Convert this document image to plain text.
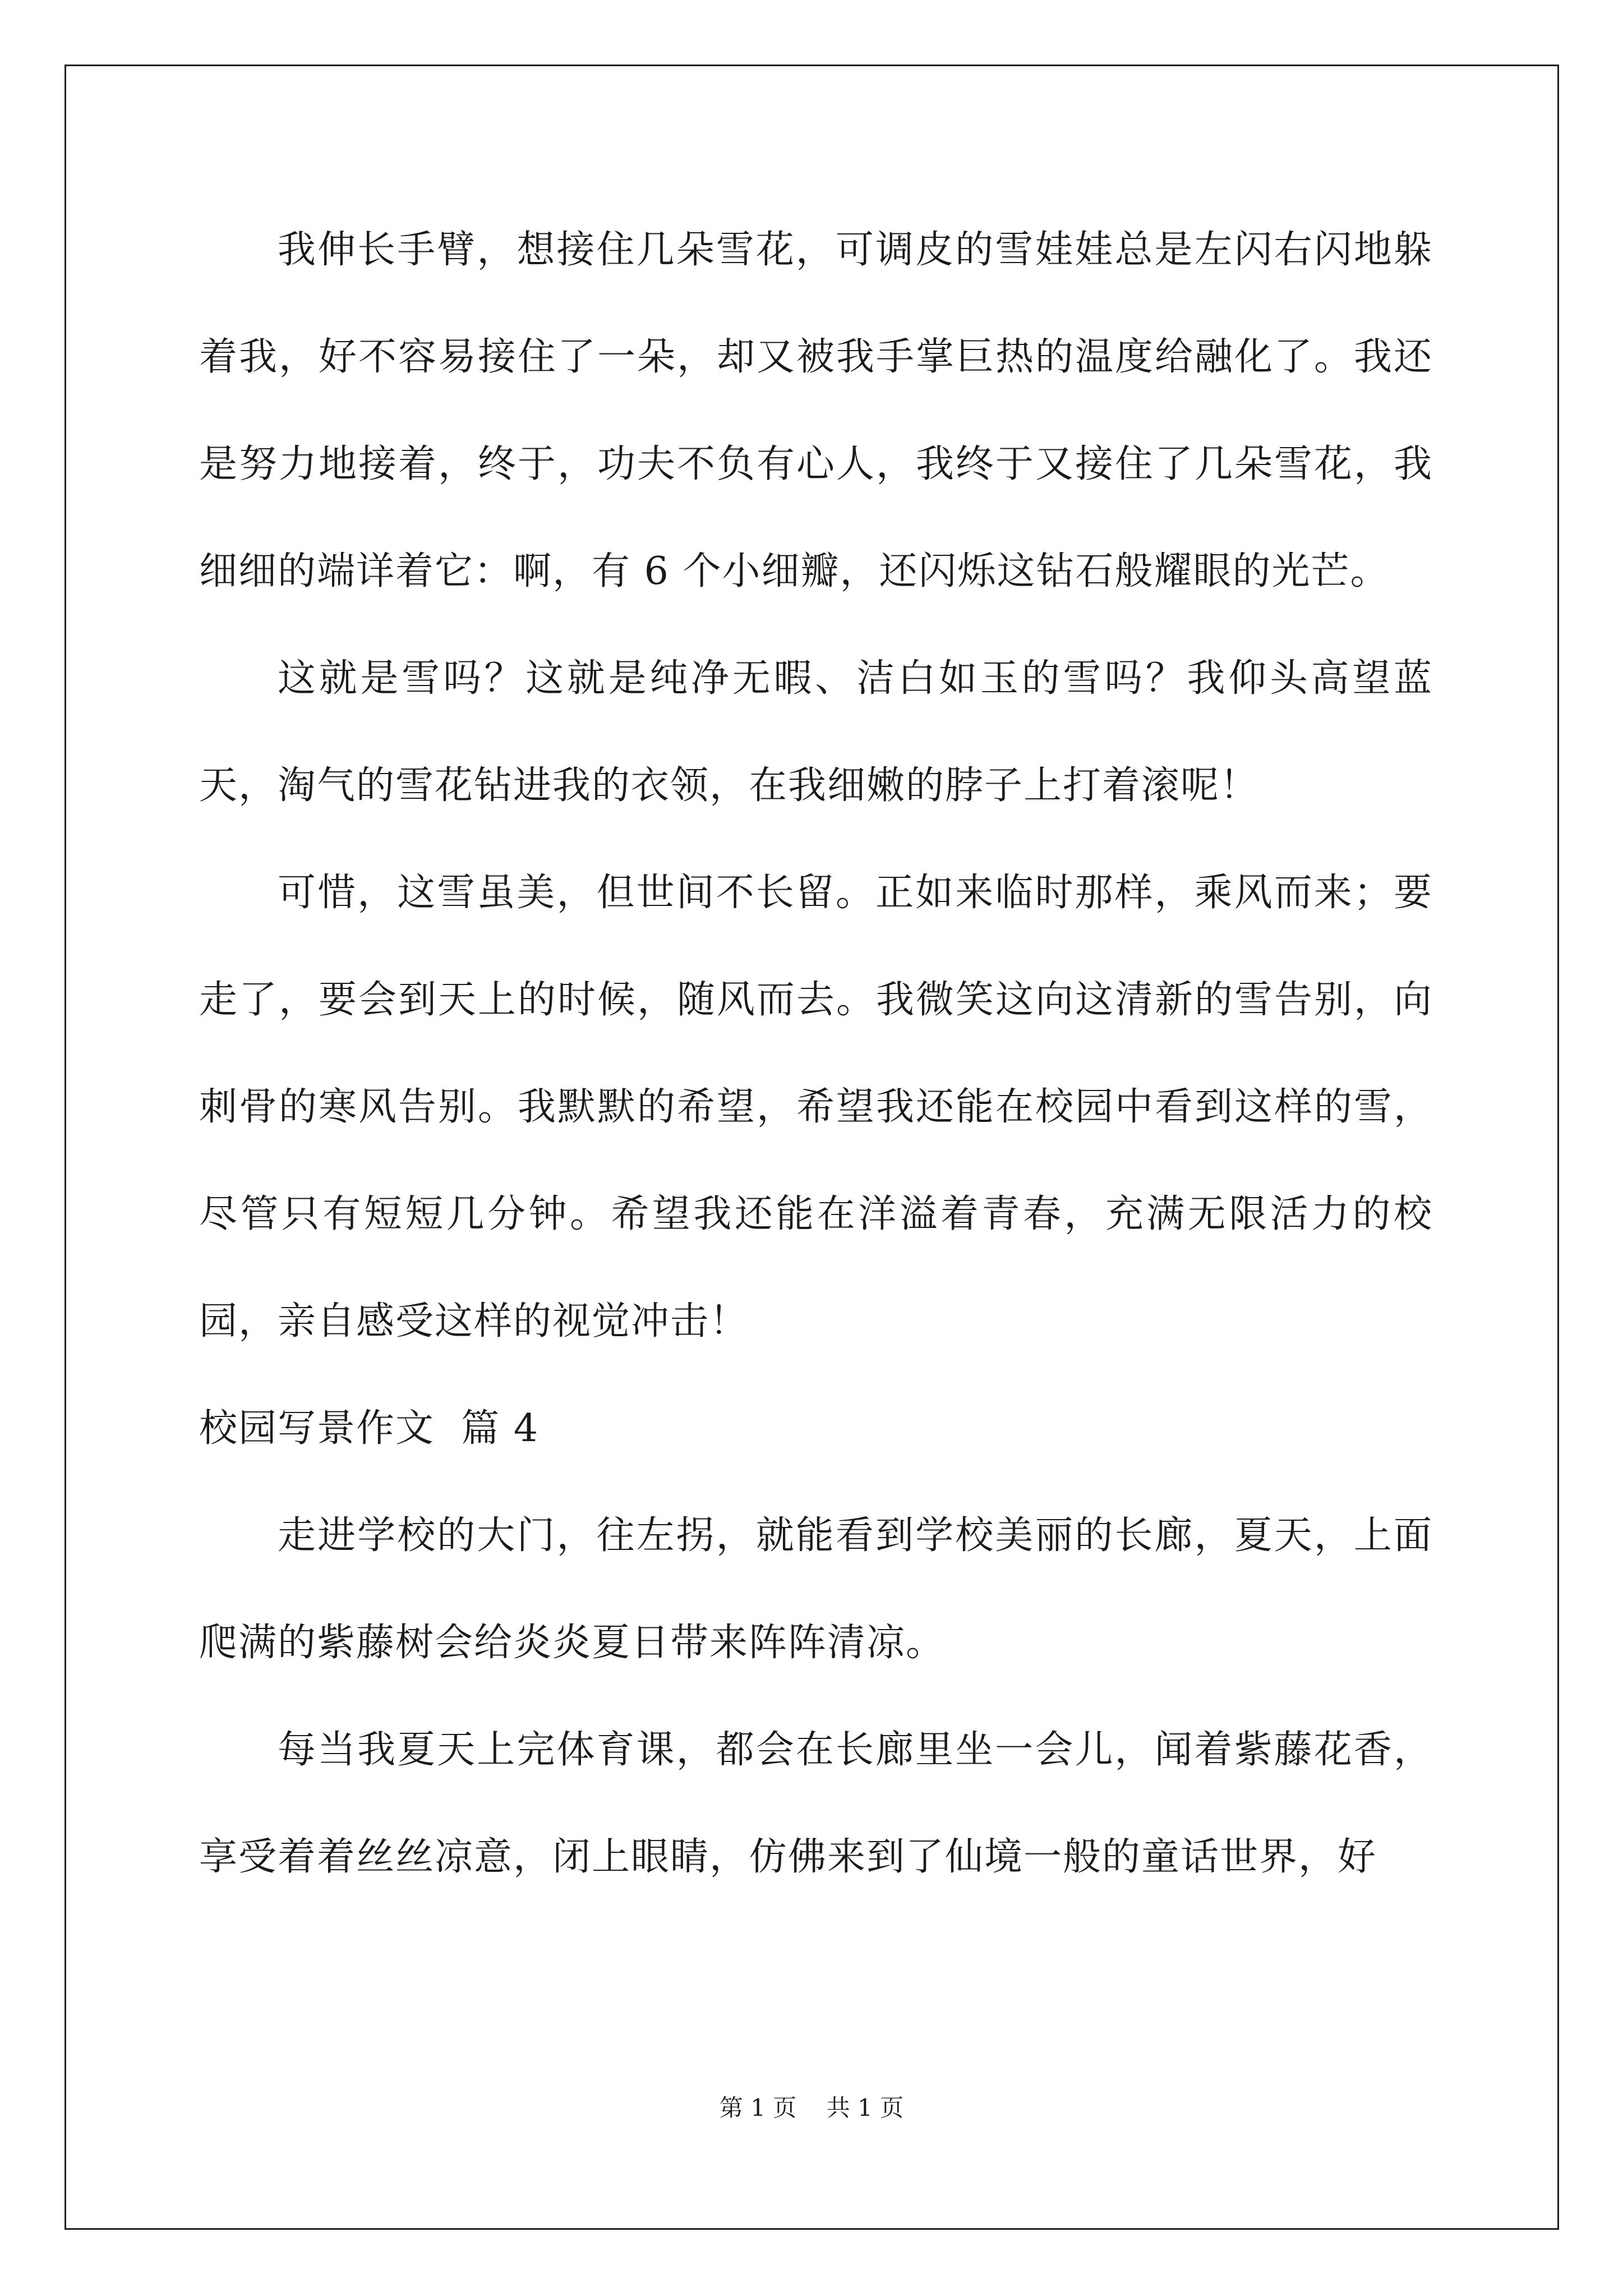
我伸长手臂，想接住几朵雪花，可调皮的雪娃娃总是左闪右闪地躲着我，好不容易接住了一朵，却又被我手掌巨热的温度给融化了。我还是努力地接着，终于，功夫不负有心人，我终于又接住了几朵雪花，我细细的端详着它：啊，有 6 个小细瓣，还闪烁这钻石般耀眼的光芒。

这就是雪吗？这就是纯净无暇、洁白如玉的雪吗？我仰头高望蓝天，淘气的雪花钻进我的衣领，在我细嫩的脖子上打着滚呢！

可惜，这雪虽美，但世间不长留。正如来临时那样，乘风而来；要走了，要会到天上的时候，随风而去。我微笑这向这清新的雪告别，向刺骨的寒风告别。我默默的希望，希望我还能在校园中看到这样的雪，尽管只有短短几分钟。希望我还能在洋溢着青春，充满无限活力的校园，亲自感受这样的视觉冲击！

校园写景作文  篇 4

走进学校的大门，往左拐，就能看到学校美丽的长廊，夏天，上面爬满的紫藤树会给炎炎夏日带来阵阵清凉。

每当我夏天上完体育课，都会在长廊里坐一会儿，闻着紫藤花香，享受着着丝丝凉意，闭上眼睛，仿佛来到了仙境一般的童话世界，好

第 1 页    共 1 页
